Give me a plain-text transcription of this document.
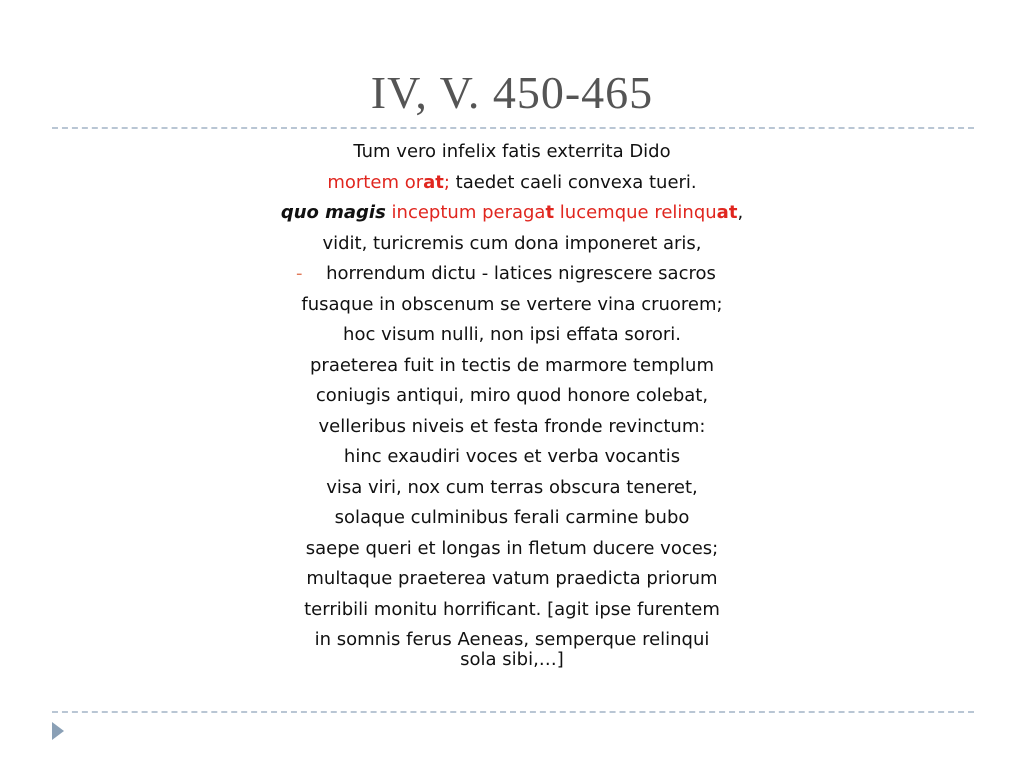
IV, V. 450-465
Tum vero infelix fatis exterrita Dido
mortem orat; taedet caeli convexa tueri.
quo magis inceptum peragat lucemque relinquat,
vidit, turicremis cum dona imponeret aris,
- horrendum dictu - latices nigrescere sacros
fusaque in obscenum se vertere vina cruorem;
hoc visum nulli, non ipsi effata sorori.
praeterea fuit in tectis de marmore templum
coniugis antiqui, miro quod honore colebat,
velleribus niveis et festa fronde revinctum:
hinc exaudiri voces et verba vocantis
visa viri, nox cum terras obscura teneret,
solaque culminibus ferali carmine bubo
saepe queri et longas in fletum ducere voces;
multaque praeterea vatum praedicta priorum
terribili monitu horrificant. [agit ipse furentem
in somnis ferus Aeneas, semperque relinqui
sola sibi,…]
